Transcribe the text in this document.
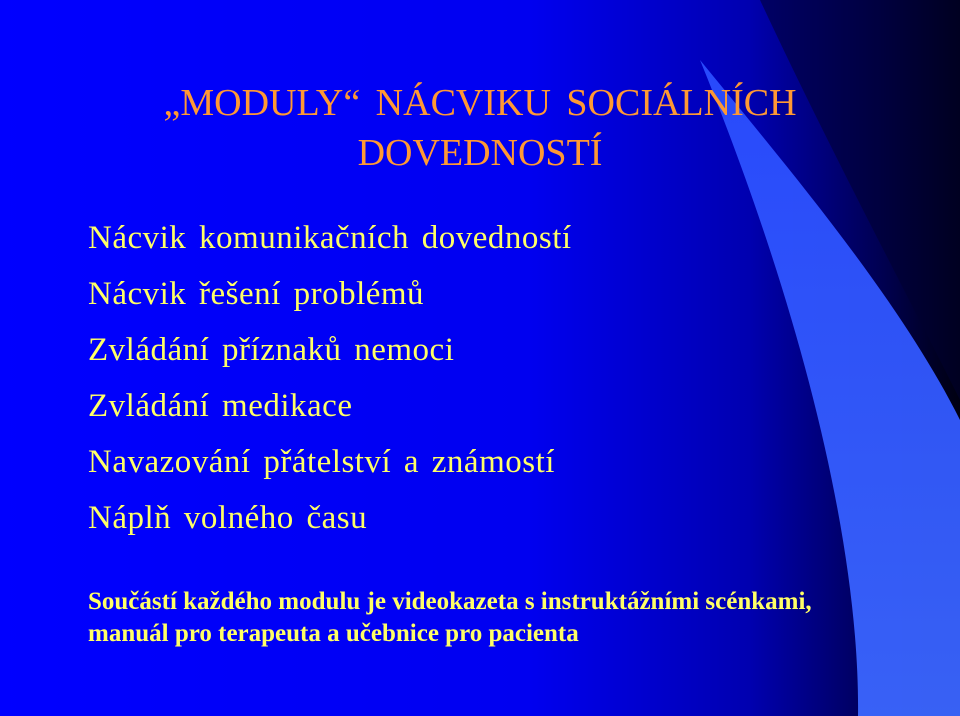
„MODULY“ NÁCVIKU SOCIÁLNÍCH DOVEDNOSTÍ
Nácvik komunikačních dovedností
Nácvik řešení problémů
Zvládání příznaků nemoci
Zvládání medikace
Navazování přátelství a známostí
Náplň volného času

Součástí každého modulu je videokazeta s instruktážními scénkami, manuál pro terapeuta a učebnice pro pacienta
